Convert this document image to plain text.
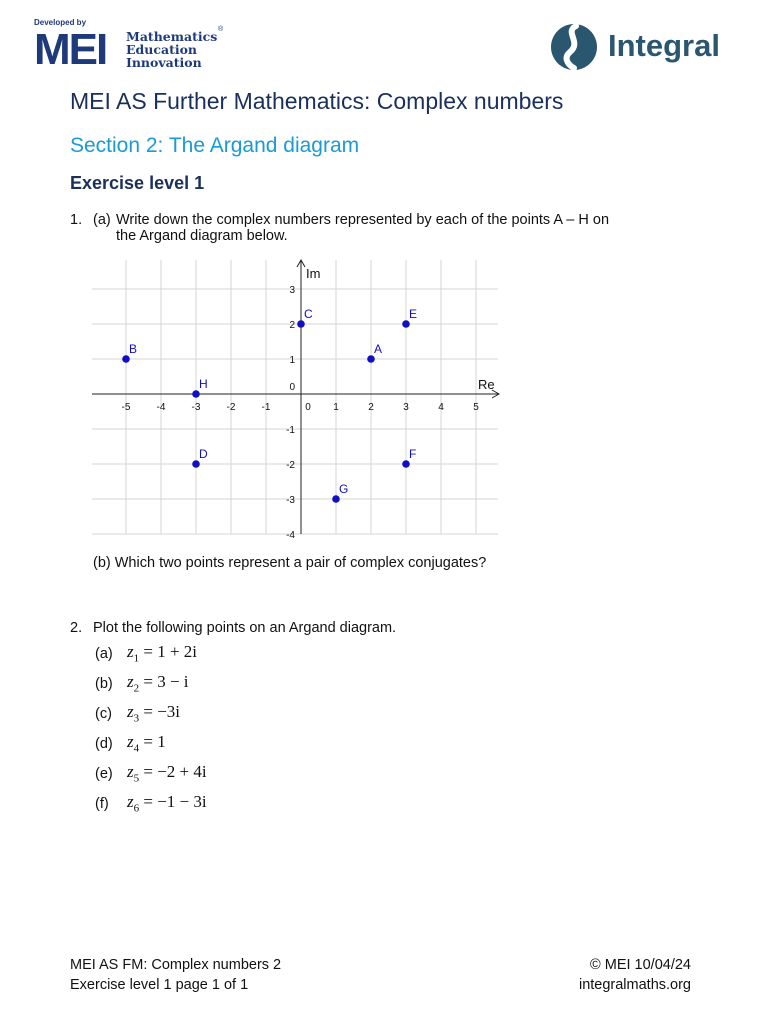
Developed by
MEI Mathematics
Education
Innovation
®	Integral
MEI AS Further Mathematics: Complex numbers
Section 2: The Argand diagram
Exercise level 1
1. (a) Write down the complex numbers represented by each of the points A – H on
the Argand diagram below.
Re
Im
-5	-4	-3	-2	-1	0 1	2	3	4	5
-4
-3
-2
-1
0
1
2
3
A
B
C
D
E
F
G
H
(b) Which two points represent a pair of complex conjugates?
2. Plot the following points on an Argand diagram.
(a) $z_1 = 1 + 2i$
(b) $z_2 = 3 - i$
(c) $z_3 = -3i$
(d) $z_4 = 1$
(e) $z_5 = -2 + 4i$
(f) $z_6 = -1 - 3i$
MEI AS FM: Complex numbers 2
Exercise level 1 page 1 of 1
© MEI 10/04/24
integralmaths.org
